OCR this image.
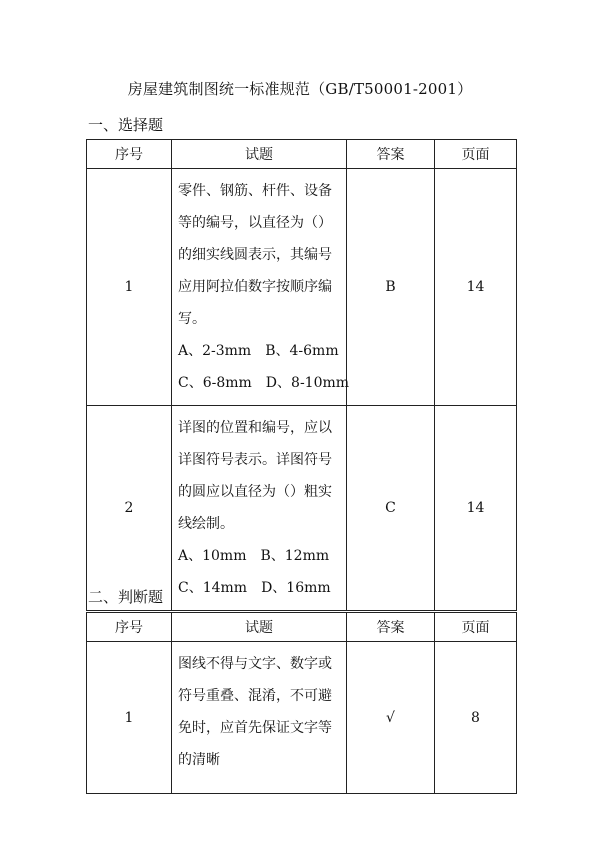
房屋建筑制图统一标准规范（GB/T50001-2001）
一、选择题
序号	试题	答案	页面
1	零件、钢筋、杆件、设备等的编号，以直径为（）的细实线圆表示，其编号应用阿拉伯数字按顺序编写。
A、2-3mm　B、4-6mm
C、6-8mm　D、8-10mm	B	14
2	详图的位置和编号，应以详图符号表示。详图符号的圆应以直径为（）粗实线绘制。
A、10mm　B、12mm
C、14mm　D、16mm	C	14
二、判断题
序号	试题	答案	页面
1	图线不得与文字、数字或符号重叠、混淆，不可避免时，应首先保证文字等的清晰	√	8
